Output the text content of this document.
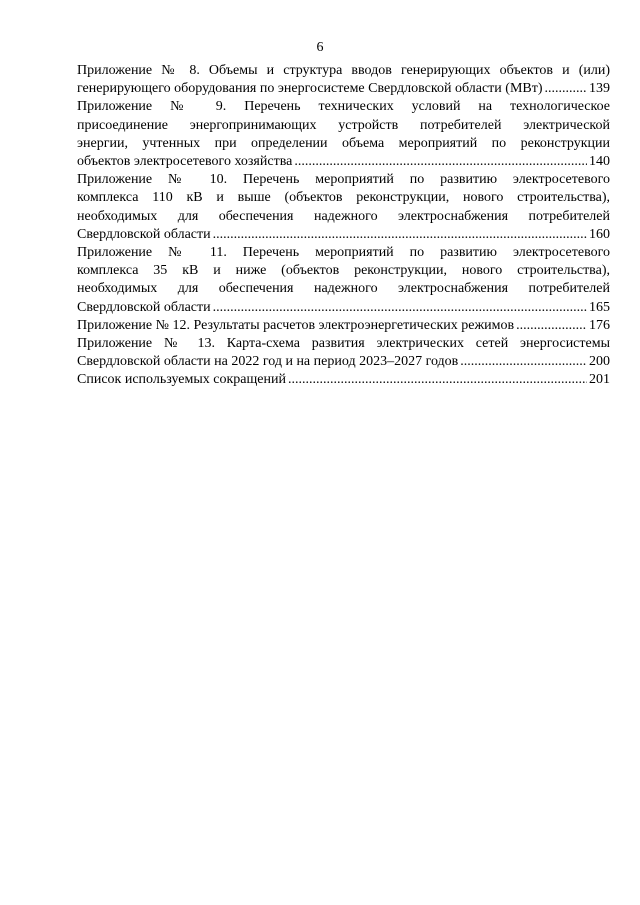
6
Приложение № 8. Объемы и структура вводов генерирующих объектов и (или)
генерирующего оборудования по энергосистеме Свердловской области (МВт) .....	139
Приложение № 9. Перечень технических условий на технологическое
присоединение энергопринимающих устройств потребителей электрической
энергии, учтенных при определении объема мероприятий по реконструкции
объектов электросетевого хозяйства .....	140
Приложение № 10. Перечень мероприятий по развитию электросетевого
комплекса 110 кВ и выше (объектов реконструкции, нового строительства),
необходимых для обеспечения надежного электроснабжения потребителей
Свердловской области .....	160
Приложение № 11. Перечень мероприятий по развитию электросетевого
комплекса 35 кВ и ниже (объектов реконструкции, нового строительства),
необходимых для обеспечения надежного электроснабжения потребителей
Свердловской области .....	165
Приложение № 12. Результаты расчетов электроэнергетических режимов .....	176
Приложение № 13. Карта-схема развития электрических сетей энергосистемы
Свердловской области на 2022 год и на период 2023–2027 годов .....	200
Список используемых сокращений .....	201
